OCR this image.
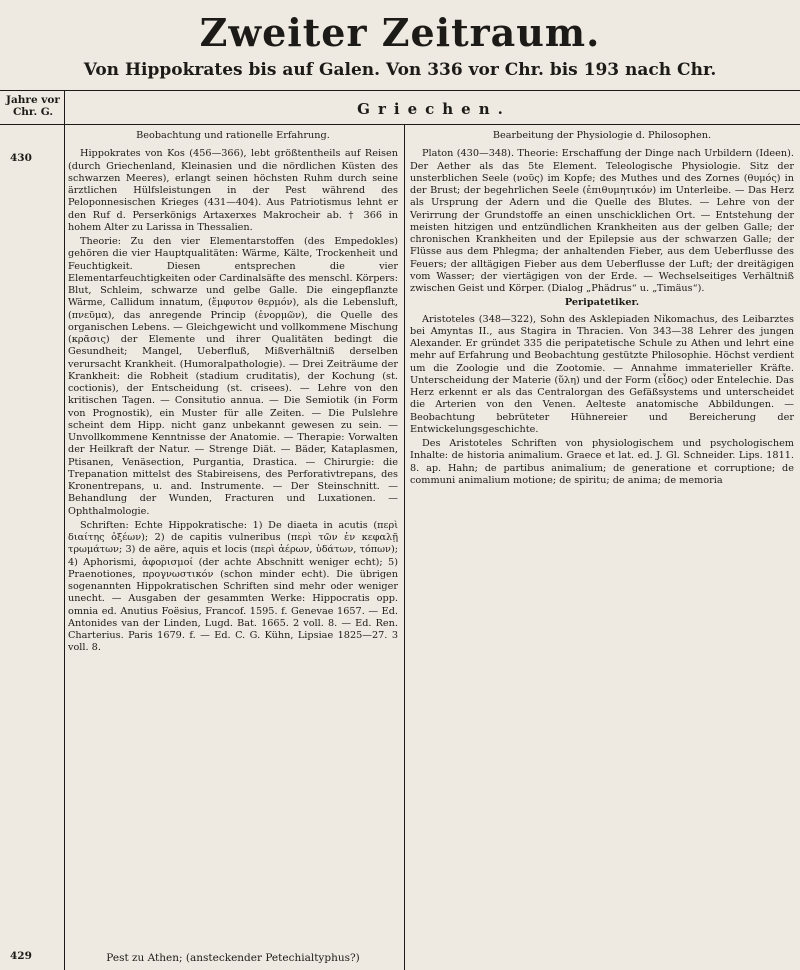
Zweiter Zeitraum.
Von Hippokrates bis auf Galen. Von 336 vor Chr. bis 193 nach Chr.
Jahre vor
Chr. G.	Griechen.
430
429

Beobachtung und rationelle Erfahrung.

Hippokrates von Kos (456—366), lebt größtentheils auf Reisen (durch Griechenland, Kleinasien und die nördlichen Küsten des schwarzen Meeres), erlangt seinen höchsten Ruhm durch seine ärztlichen Hülfsleistungen in der Pest während des Peloponnesischen Krieges (431—404). Aus Patriotismus lehnt er den Ruf d. Perserkönigs Artaxerxes Makrocheir ab. † 366 in hohem Alter zu Larissa in Thessalien.

Theorie: Zu den vier Elementarstoffen (des Empedokles) gehören die vier Hauptqualitäten: Wärme, Kälte, Trockenheit und Feuchtigkeit. Diesen entsprechen die vier Elementarfeuchtigkeiten oder Cardinalsäfte des menschl. Körpers: Blut, Schleim, schwarze und gelbe Galle. Die eingepflanzte Wärme, Callidum innatum, (ἔμφυτον θερμόν), als die Lebensluft, (πνεῦμα), das anregende Princip (ἐνορμῶν), die Quelle des organischen Lebens. — Gleichgewicht und vollkommene Mischung (κρᾶσις) der Elemente und ihrer Qualitäten bedingt die Gesundheit; Mangel, Ueberfluß, Mißverhältniß derselben verursacht Krankheit. (Humoralpathologie). — Drei Zeiträume der Krankheit: die Robheit (stadium cruditatis), der Kochung (st. coctionis), der Entscheidung (st. crisees). — Lehre von den kritischen Tagen. — Consitutio annua. — Die Semiotik (in Form von Prognostik), ein Muster für alle Zeiten. — Die Pulslehre scheint dem Hipp. nicht ganz unbekannt gewesen zu sein. — Unvollkommene Kenntnisse der Anatomie. — Therapie: Vorwalten der Heilkraft der Natur. — Strenge Diät. — Bäder, Kataplasmen, Ptisanen, Venäsection, Purgantia, Drastica. — Chirurgie: die Trepanation mittelst des Stabireisens, des Perforativtrepans, des Kronentrepans, u. and. Instrumente. — Der Steinschnitt. — Behandlung der Wunden, Fracturen und Luxationen. — Ophthalmologie.

Schriften: Echte Hippokratische: 1) De diaeta in acutis (περὶ διαίτης ὀξέων); 2) de capitis vulneribus (περὶ τῶν ἐν κεφαλῇ τρωμάτων; 3) de aëre, aquis et locis (περὶ ἀέρων, ὑδάτων, τόπων); 4) Aphorismi, ἀφορισμοί (der achte Abschnitt weniger echt); 5) Praenotiones, προγνωστικόν (schon minder echt). Die übrigen sogenannten Hippokratischen Schriften sind mehr oder weniger unecht. — Ausgaben der gesammten Werke: Hippocratis opp. omnia ed. Anutius Foësius, Francof. 1595. f. Genevae 1657. — Ed. Antonides van der Linden, Lugd. Bat. 1665. 2 voll. 8. — Ed. Ren. Charterius. Paris 1679. f. — Ed. C. G. Kühn, Lipsiae 1825—27. 3 voll. 8.

Bearbeitung der Physiologie d. Philosophen.

Platon (430—348). Theorie: Erschaffung der Dinge nach Urbildern (Ideen). Der Aether als das 5te Element. Teleologische Physiologie. Sitz der unsterblichen Seele (νοῦς) im Kopfe; des Muthes und des Zornes (θυμός) in der Brust; der begehrlichen Seele (ἐπιθυμητικόν) im Unterleibe. — Das Herz als Ursprung der Adern und die Quelle des Blutes. — Lehre von der Verirrung der Grundstoffe an einen unschicklichen Ort. — Entstehung der meisten hitzigen und entzündlichen Krankheiten aus der gelben Galle; der chronischen Krankheiten und der Epilepsie aus der schwarzen Galle; der Flüsse aus dem Phlegma; der anhaltenden Fieber, aus dem Ueberflusse des Feuers; der alltägigen Fieber aus dem Ueberflusse der Luft; der dreitägigen vom Wasser; der viertägigen von der Erde. — Wechselseitiges Verhältniß zwischen Geist und Körper. (Dialog „Phädrus“ u. „Timäus“).

Peripatetiker.

Aristoteles (348—322), Sohn des Asklepiaden Nikomachus, des Leibarztes bei Amyntas II., aus Stagira in Thracien. Von 343—38 Lehrer des jungen Alexander. Er gründet 335 die peripatetische Schule zu Athen und lehrt eine mehr auf Erfahrung und Beobachtung gestützte Philosophie. Höchst verdient um die Zoologie und die Zootomie. — Annahme immaterieller Kräfte. Unterscheidung der Materie (ὕλη) und der Form (εἶδος) oder Entelechie. Das Herz erkennt er als das Centralorgan des Gefäßsystems und unterscheidet die Arterien von den Venen. Aelteste anatomische Abbildungen. — Beobachtung bebrüteter Hühnereier und Bereicherung der Entwickelungsgeschichte.

Des Aristoteles Schriften von physiologischem und psychologischem Inhalte: de historia animalium. Graece et lat. ed. J. Gl. Schneider. Lips. 1811. 8. ap. Hahn; de partibus animalium; de generatione et corruptione; de communi animalium motione; de spiritu; de anima; de memoria

Pest zu Athen; (ansteckender Petechialtyphus?)
